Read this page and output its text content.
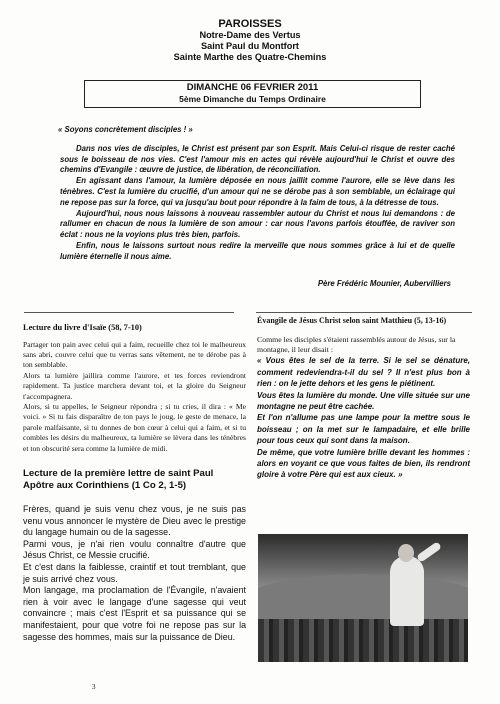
PAROISSES
Notre-Dame des Vertus
Saint Paul du Montfort
Sainte Marthe des Quatre-Chemins
DIMANCHE 06 FEVRIER 2011
5ème Dimanche du Temps Ordinaire
« Soyons concrètement disciples ! »

Dans nos vies de disciples, le Christ est présent par son Esprit. Mais Celui-ci risque de rester caché sous le boisseau de nos vies. C'est l'amour mis en actes qui révèle aujourd'hui le Christ et ouvre des chemins d'Evangile : œuvre de justice, de libération, de réconciliation.

En agissant dans l'amour, la lumière déposée en nous jaillit comme l'aurore, elle se lève dans les ténèbres. C'est la lumière du crucifié, d'un amour qui ne se dérobe pas à son semblable, un éclairage qui ne repose pas sur la force, qui va jusqu'au bout pour répondre à la faim de tous, à la détresse de tous.

Aujourd'hui, nous nous laissons à nouveau rassembler autour du Christ et nous lui demandons : de rallumer en chacun de nous la lumière de son amour : car nous l'avons parfois étouffée, de raviver son éclat : nous ne la voyions plus très bien, parfois.

Enfin, nous le laissons surtout nous redire la merveille que nous sommes grâce à lui et de quelle lumière éternelle il nous aime.

Père Frédéric Mounier, Aubervilliers
Lecture du livre d'Isaïe (58, 7-10)

Partager ton pain avec celui qui a faim, recueille chez toi le malheureux sans abri, couvre celui que tu verras sans vêtement, ne te dérobe pas à ton semblable.

Alors ta lumière jaillira comme l'aurore, et tes forces reviendront rapidement. Ta justice marchera devant toi, et la gloire du Seigneur t'accompagnera.

Alors, si tu appelles, le Seigneur répondra ; si tu cries, il dira : « Me voici. » Si tu fais disparaître de ton pays le joug, le geste de menace, la parole malfaisante, si tu donnes de bon cœur à celui qui a faim, et si tu combles les désirs du malheureux, ta lumière se lèvera dans les ténèbres et ton obscurité sera comme la lumière de midi.

Lecture de la première lettre de saint Paul Apôtre aux Corinthiens (1 Co 2, 1-5)

Frères, quand je suis venu chez vous, je ne suis pas venu vous annoncer le mystère de Dieu avec le prestige du langage humain ou de la sagesse.

Parmi vous, je n'ai rien voulu connaître d'autre que Jésus Christ, ce Messie crucifié.

Et c'est dans la faiblesse, craintif et tout tremblant, que je suis arrivé chez vous.

Mon langage, ma proclamation de l'Évangile, n'avaient rien à voir avec le langage d'une sagesse qui veut convaincre ; mais c'est l'Esprit et sa puissance qui se manifestaient, pour que votre foi ne repose pas sur la sagesse des hommes, mais sur la puissance de Dieu.

Évangile de Jésus Christ selon saint Matthieu (5, 13-16)
Comme les disciples s'étaient rassemblés autour de Jésus, sur la montagne, il leur disait :
« Vous êtes le sel de la terre. Si le sel se dénature, comment redeviendra-t-il du sel ? Il n'est plus bon à rien : on le jette dehors et les gens le piétinent.
Vous êtes la lumière du monde. Une ville située sur une montagne ne peut être cachée.
Et l'on n'allume pas une lampe pour la mettre sous le boisseau ; on la met sur le lampadaire, et elle brille pour tous ceux qui sont dans la maison.
De même, que votre lumière brille devant les hommes : alors en voyant ce que vous faites de bien, ils rendront gloire à votre Père qui est aux cieux. »
3
